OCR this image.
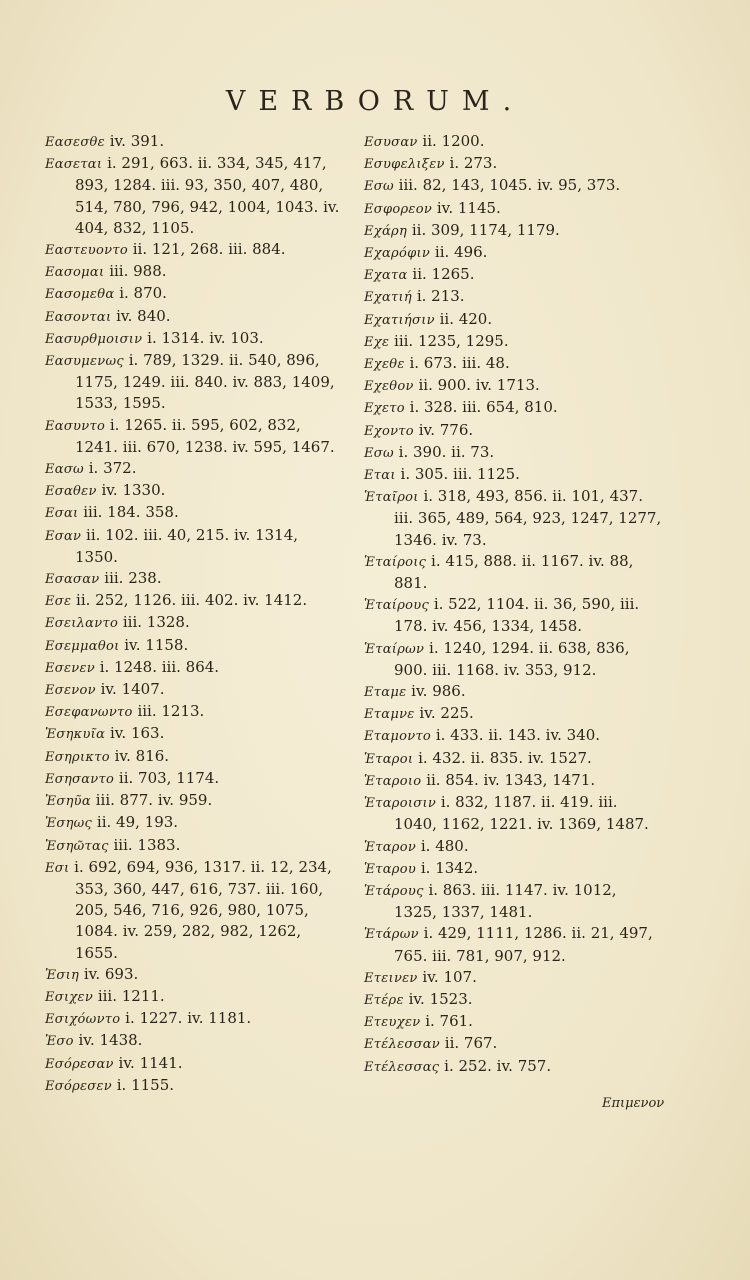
VERBORUM.

Εασεσθε iv. 391.

Εασεται i. 291, 663. ii. 334, 345, 417, 893, 1284. iii. 93, 350, 407, 480, 514, 780, 796, 942, 1004, 1043. iv. 404, 832, 1105.

Εαστευοντο ii. 121, 268. iii. 884.

Εασομαι iii. 988.

Εασομεθα i. 870.

Εασονται iv. 840.

Εασυρθμοισιν i. 1314. iv. 103.

Εασυμενως i. 789, 1329. ii. 540, 896, 1175, 1249. iii. 840. iv. 883, 1409, 1533, 1595.

Εασυντο i. 1265. ii. 595, 602, 832, 1241. iii. 670, 1238. iv. 595, 1467.

Εασω i. 372.

Εσαθεν iv. 1330.

Εσαι iii. 184. 358.

Εσαν ii. 102. iii. 40, 215. iv. 1314, 1350.

Εσασαν iii. 238.

Εσε ii. 252, 1126. iii. 402. iv. 1412.

Εσειλαντο iii. 1328.

Εσεμμαθοι iv. 1158.

Εσενεν i. 1248. iii. 864.

Εσενον iv. 1407.

Εσεφανωντο iii. 1213.

Ἐσηκυῖα iv. 163.

Εσηρικτο iv. 816.

Εσησαντο ii. 703, 1174.

Ἐσηῦα iii. 877. iv. 959.

Ἐσηως ii. 49, 193.

Ἐσηῶτας iii. 1383.

Εσι i. 692, 694, 936, 1317. ii. 12, 234, 353, 360, 447, 616, 737. iii. 160, 205, 546, 716, 926, 980, 1075, 1084. iv. 259, 282, 982, 1262, 1655.

Ἐσιη iv. 693.

Εσιχεν iii. 1211.

Εσιχόωντο i. 1227. iv. 1181.

Ἐσο iv. 1438.

Εσόρεσαν iv. 1141.

Εσόρεσεν i. 1155.

Εσυσαν ii. 1200.

Εσυφελιξεν i. 273.

Εσω iii. 82, 143, 1045. iv. 95, 373.

Εσφορεον iv. 1145.

Εχάρη ii. 309, 1174, 1179.

Εχαρόφιν ii. 496.

Εχατα ii. 1265.

Εχατιή i. 213.

Εχατιήσιν ii. 420.

Εχε iii. 1235, 1295.

Εχεθε i. 673. iii. 48.

Εχεθον ii. 900. iv. 1713.

Εχετο i. 328. iii. 654, 810.

Εχοντο iv. 776.

Εσω i. 390. ii. 73.

Εται i. 305. iii. 1125.

Ἑταῖροι i. 318, 493, 856. ii. 101, 437. iii. 365, 489, 564, 923, 1247, 1277, 1346. iv. 73.

Ἑταίροις i. 415, 888. ii. 1167. iv. 88, 881.

Ἑταίρους i. 522, 1104. ii. 36, 590, iii. 178. iv. 456, 1334, 1458.

Ἑταίρων i. 1240, 1294. ii. 638, 836, 900. iii. 1168. iv. 353, 912.

Εταμε iv. 986.

Εταμνε iv. 225.

Εταμοντο i. 433. ii. 143. iv. 340.

Ἑταροι i. 432. ii. 835. iv. 1527.

Ἑταροιο ii. 854. iv. 1343, 1471.

Ἑταροισιν i. 832, 1187. ii. 419. iii. 1040, 1162, 1221. iv. 1369, 1487.

Ἑταρον i. 480.

Ἑταρου i. 1342.

Ἑτάρους i. 863. iii. 1147. iv. 1012, 1325, 1337, 1481.

Ἑτάρων i. 429, 1111, 1286. ii. 21, 497, 765. iii. 781, 907, 912.

Ετεινεν iv. 107.

Ετέρε iv. 1523.

Ετευχεν i. 761.

Ετέλεσσαν ii. 767.

Ετέλεσσας i. 252. iv. 757.

Επιμενον
